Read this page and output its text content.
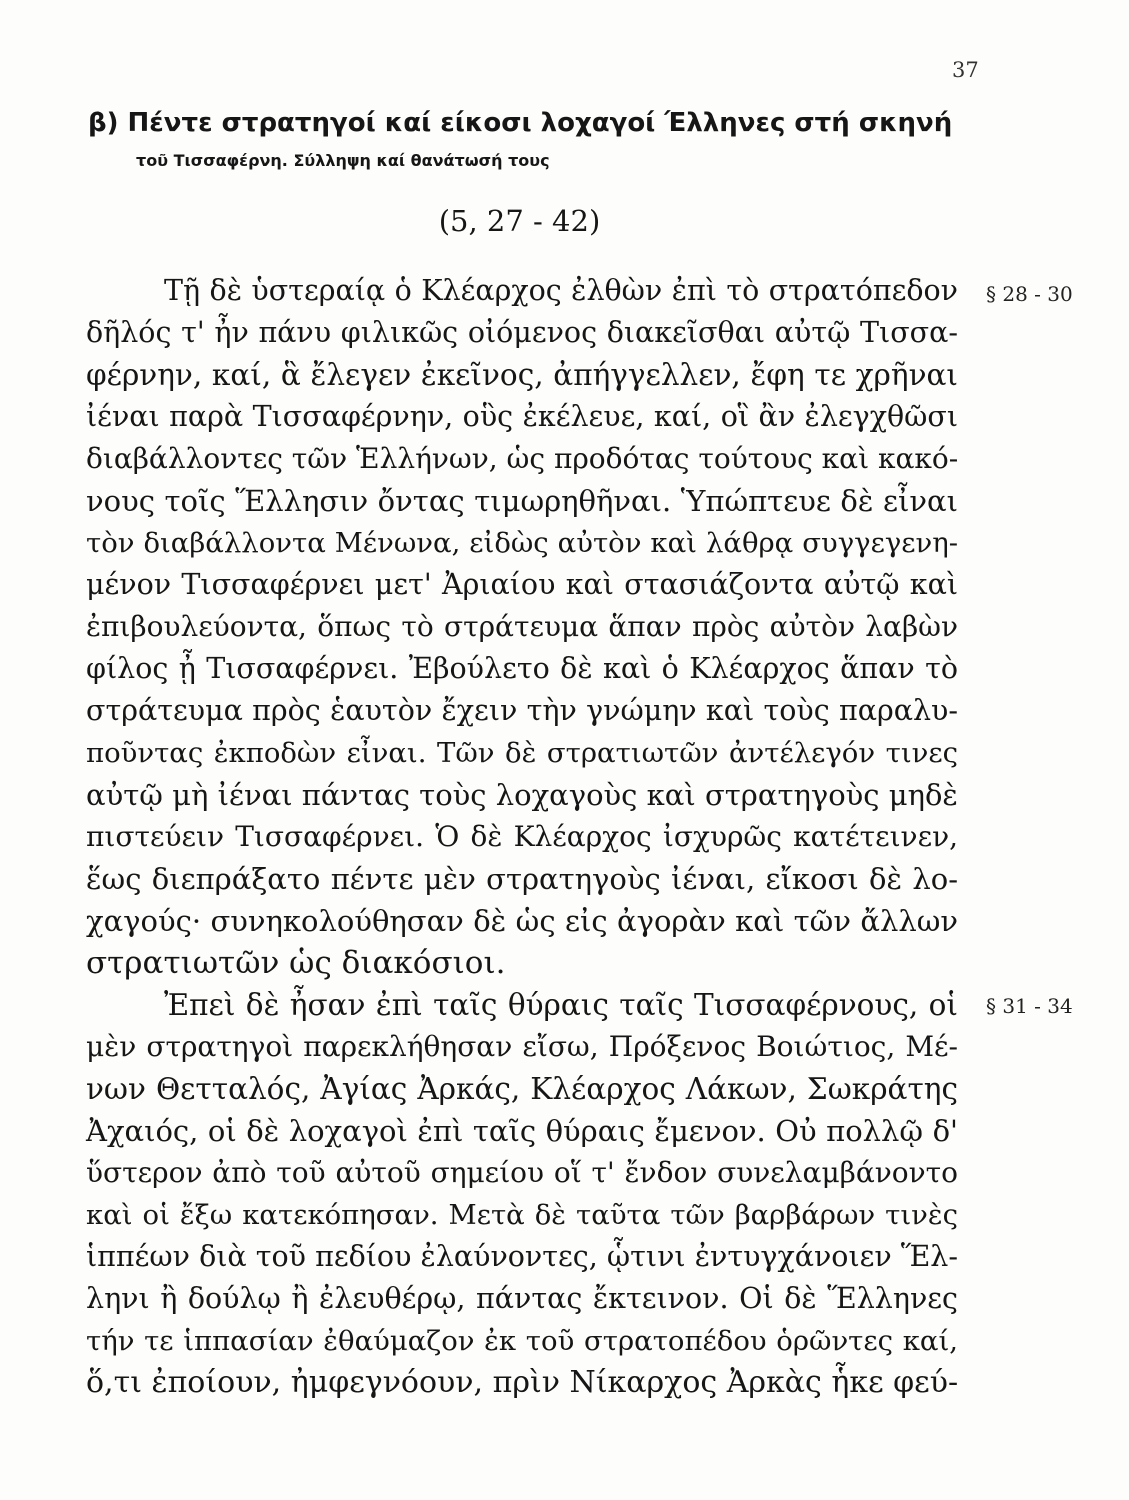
37
β) Πέντε στρατηγοί καί είκοσι λοχαγοί Έλληνες στή σκηνή
τοῦ Τισσαφέρνη. Σύλληψη καί θανάτωσή τους
(5, 27 - 42)
§ 28 - 30
§ 31 - 34
Τῇ δὲ ὑστεραίᾳ ὁ Κλέαρχος ἐλθὼν ἐπὶ τὸ στρατόπεδον
δῆλός τ' ἦν πάνυ φιλικῶς οἰόμενος διακεῖσθαι αὐτῷ Τισσα-
φέρνην, καί, ἃ ἔλεγεν ἐκεῖνος, ἀπήγγελλεν, ἔφη τε χρῆναι
ἰέναι παρὰ Τισσαφέρνην, οὓς ἐκέλευε, καί, οἳ ἂν ἐλεγχθῶσι
διαβάλλοντες τῶν Ἑλλήνων, ὡς προδότας τούτους καὶ κακό-
νους τοῖς Ἕλλησιν ὄντας τιμωρηθῆναι. Ὑπώπτευε δὲ εἶναι
τὸν διαβάλλοντα Μένωνα, εἰδὼς αὐτὸν καὶ λάθρᾳ συγγεγενη-
μένον Τισσαφέρνει μετ' Ἀριαίου καὶ στασιάζοντα αὐτῷ καὶ
ἐπιβουλεύοντα, ὅπως τὸ στράτευμα ἅπαν πρὸς αὐτὸν λαβὼν
φίλος ᾖ Τισσαφέρνει. Ἐβούλετο δὲ καὶ ὁ Κλέαρχος ἅπαν τὸ
στράτευμα πρὸς ἑαυτὸν ἔχειν τὴν γνώμην καὶ τοὺς παραλυ-
ποῦντας ἐκποδὼν εἶναι. Τῶν δὲ στρατιωτῶν ἀντέλεγόν τινες
αὐτῷ μὴ ἰέναι πάντας τοὺς λοχαγοὺς καὶ στρατηγοὺς μηδὲ
πιστεύειν Τισσαφέρνει. Ὁ δὲ Κλέαρχος ἰσχυρῶς κατέτεινεν,
ἕως διεπράξατο πέντε μὲν στρατηγοὺς ἰέναι, εἴκοσι δὲ λο-
χαγούς· συνηκολούθησαν δὲ ὡς εἰς ἀγορὰν καὶ τῶν ἄλλων
στρατιωτῶν ὡς διακόσιοι.
Ἐπεὶ δὲ ἦσαν ἐπὶ ταῖς θύραις ταῖς Τισσαφέρνους, οἱ
μὲν στρατηγοὶ παρεκλήθησαν εἴσω, Πρόξενος Βοιώτιος, Μέ-
νων Θετταλός, Ἀγίας Ἀρκάς, Κλέαρχος Λάκων, Σωκράτης
Ἀχαιός, οἱ δὲ λοχαγοὶ ἐπὶ ταῖς θύραις ἔμενον. Οὐ πολλῷ δ'
ὕστερον ἀπὸ τοῦ αὐτοῦ σημείου οἵ τ' ἔνδον συνελαμβάνοντο
καὶ οἱ ἔξω κατεκόπησαν. Μετὰ δὲ ταῦτα τῶν βαρβάρων τινὲς
ἱππέων διὰ τοῦ πεδίου ἐλαύνοντες, ᾧτινι ἐντυγχάνοιεν Ἕλ-
ληνι ἢ δούλῳ ἢ ἐλευθέρῳ, πάντας ἔκτεινον. Οἱ δὲ Ἕλληνες
τήν τε ἱππασίαν ἐθαύμαζον ἐκ τοῦ στρατοπέδου ὁρῶντες καί,
ὅ,τι ἐποίουν, ἠμφεγνόουν, πρὶν Νίκαρχος Ἀρκὰς ἧκε φεύ-
